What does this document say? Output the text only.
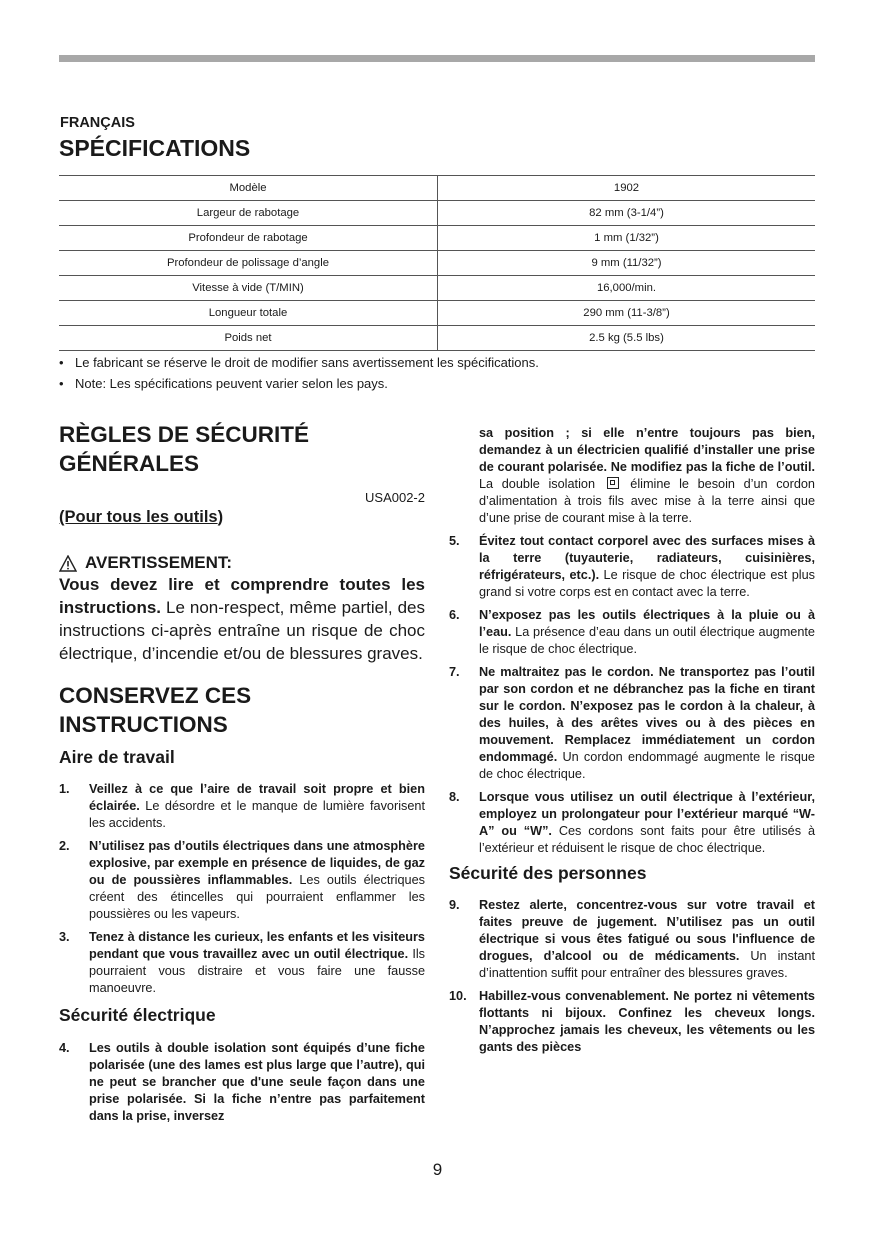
FRANÇAIS
SPÉCIFICATIONS
Modèle	1902
Largeur de rabotage	82 mm (3-1/4”)
Profondeur de rabotage	1 mm (1/32”)
Profondeur de polissage d’angle	9 mm (11/32”)
Vitesse à vide (T/MIN)	16,000/min.
Longueur totale	290 mm (11-3/8”)
Poids net	2.5 kg (5.5 lbs)
• Le fabricant se réserve le droit de modifier sans avertissement les spécifications.
• Note: Les spécifications peuvent varier selon les pays.
RÈGLES DE SÉCURITÉ
GÉNÉRALES
USA002-2
(Pour tous les outils)
AVERTISSEMENT:
Vous devez lire et comprendre toutes les instructions. Le non-respect, même partiel, des instructions ci-après entraîne un risque de choc électrique, d’incendie et/ou de blessures graves.
CONSERVEZ CES
INSTRUCTIONS
Aire de travail
1. Veillez à ce que l’aire de travail soit propre et bien éclairée. Le désordre et le manque de lumière favorisent les accidents.
2. N’utilisez pas d’outils électriques dans une atmosphère explosive, par exemple en présence de liquides, de gaz ou de poussières inflammables. Les outils électriques créent des étincelles qui pourraient enflammer les poussières ou les vapeurs.
3. Tenez à distance les curieux, les enfants et les visiteurs pendant que vous travaillez avec un outil électrique. Ils pourraient vous distraire et vous faire une fausse manoeuvre.
Sécurité électrique
4. Les outils à double isolation sont équipés d’une fiche polarisée (une des lames est plus large que l’autre), qui ne peut se brancher que d'une seule façon dans une prise polarisée. Si la fiche n’entre pas parfaitement dans la prise, inversez
sa position ; si elle n’entre toujours pas bien, demandez à un électricien qualifié d’installer une prise de courant polarisée. Ne modifiez pas la fiche de l’outil. La double isolation  élimine le besoin d’un cordon d’alimentation à trois fils avec mise à la terre ainsi que d’une prise de courant mise à la terre.
5. Évitez tout contact corporel avec des surfaces mises à la terre (tuyauterie, radiateurs, cuisinières, réfrigérateurs, etc.). Le risque de choc électrique est plus grand si votre corps est en contact avec la terre.
6. N’exposez pas les outils électriques à la pluie ou à l’eau. La présence d’eau dans un outil électrique augmente le risque de choc électrique.
7. Ne maltraitez pas le cordon. Ne transportez pas l’outil par son cordon et ne débranchez pas la fiche en tirant sur le cordon. N’exposez pas le cordon à la chaleur, à des huiles, à des arêtes vives ou à des pièces en mouvement. Remplacez immédiatement un cordon endommagé. Un cordon endommagé augmente le risque de choc électrique.
8. Lorsque vous utilisez un outil électrique à l’extérieur, employez un prolongateur pour l’extérieur marqué “W-A” ou “W”. Ces cordons sont faits pour être utilisés à l’extérieur et réduisent le risque de choc électrique.
Sécurité des personnes
9. Restez alerte, concentrez-vous sur votre travail et faites preuve de jugement. N’utilisez pas un outil électrique si vous êtes fatigué ou sous l'influence de drogues, d’alcool ou de médicaments. Un instant d’inattention suffit pour entraîner des blessures graves.
10. Habillez-vous convenablement. Ne portez ni vêtements flottants ni bijoux. Confinez les cheveux longs. N’approchez jamais les cheveux, les vêtements ou les gants des pièces
9
